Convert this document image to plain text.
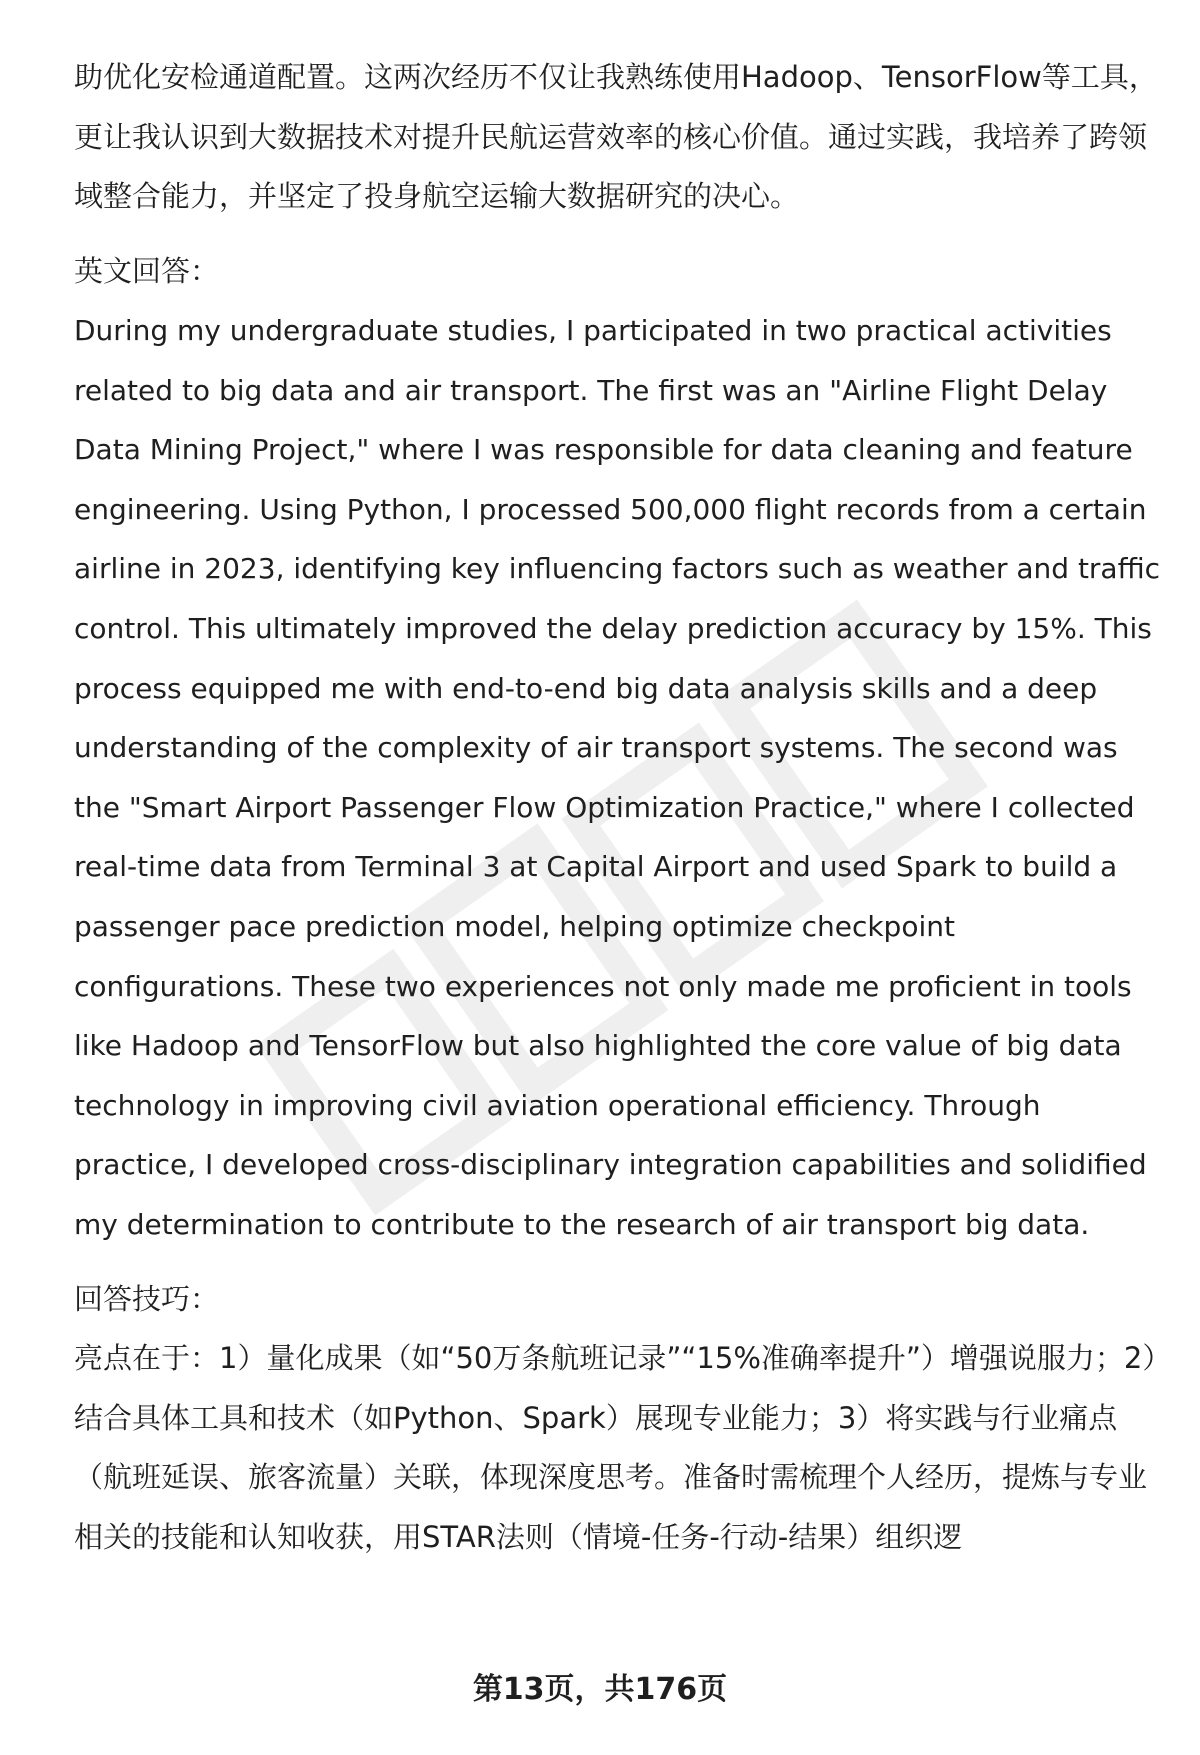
助优化安检通道配置。这两次经历不仅让我熟练使用Hadoop、TensorFlow等工具，更让我认识到大数据技术对提升民航运营效率的核心价值。通过实践，我培养了跨领域整合能力，并坚定了投身航空运输大数据研究的决心。

英文回答：

During my undergraduate studies, I participated in two practical activities related to big data and air transport. The first was an "Airline Flight Delay Data Mining Project," where I was responsible for data cleaning and feature engineering. Using Python, I processed 500,000 flight records from a certain airline in 2023, identifying key influencing factors such as weather and traffic control. This ultimately improved the delay prediction accuracy by 15%. This process equipped me with end-to-end big data analysis skills and a deep understanding of the complexity of air transport systems. The second was the "Smart Airport Passenger Flow Optimization Practice," where I collected real-time data from Terminal 3 at Capital Airport and used Spark to build a passenger pace prediction model, helping optimize checkpoint configurations. These two experiences not only made me proficient in tools like Hadoop and TensorFlow but also highlighted the core value of big data technology in improving civil aviation operational efficiency. Through practice, I developed cross-disciplinary integration capabilities and solidified my determination to contribute to the research of air transport big data.

回答技巧：

亮点在于：1）量化成果（如“50万条航班记录”“15%准确率提升”）增强说服力；2）结合具体工具和技术（如Python、Spark）展现专业能力；3）将实践与行业痛点（航班延误、旅客流量）关联，体现深度思考。准备时需梳理个人经历，提炼与专业相关的技能和认知收获，用STAR法则（情境-任务-行动-结果）组织逻

第13页，共176页
